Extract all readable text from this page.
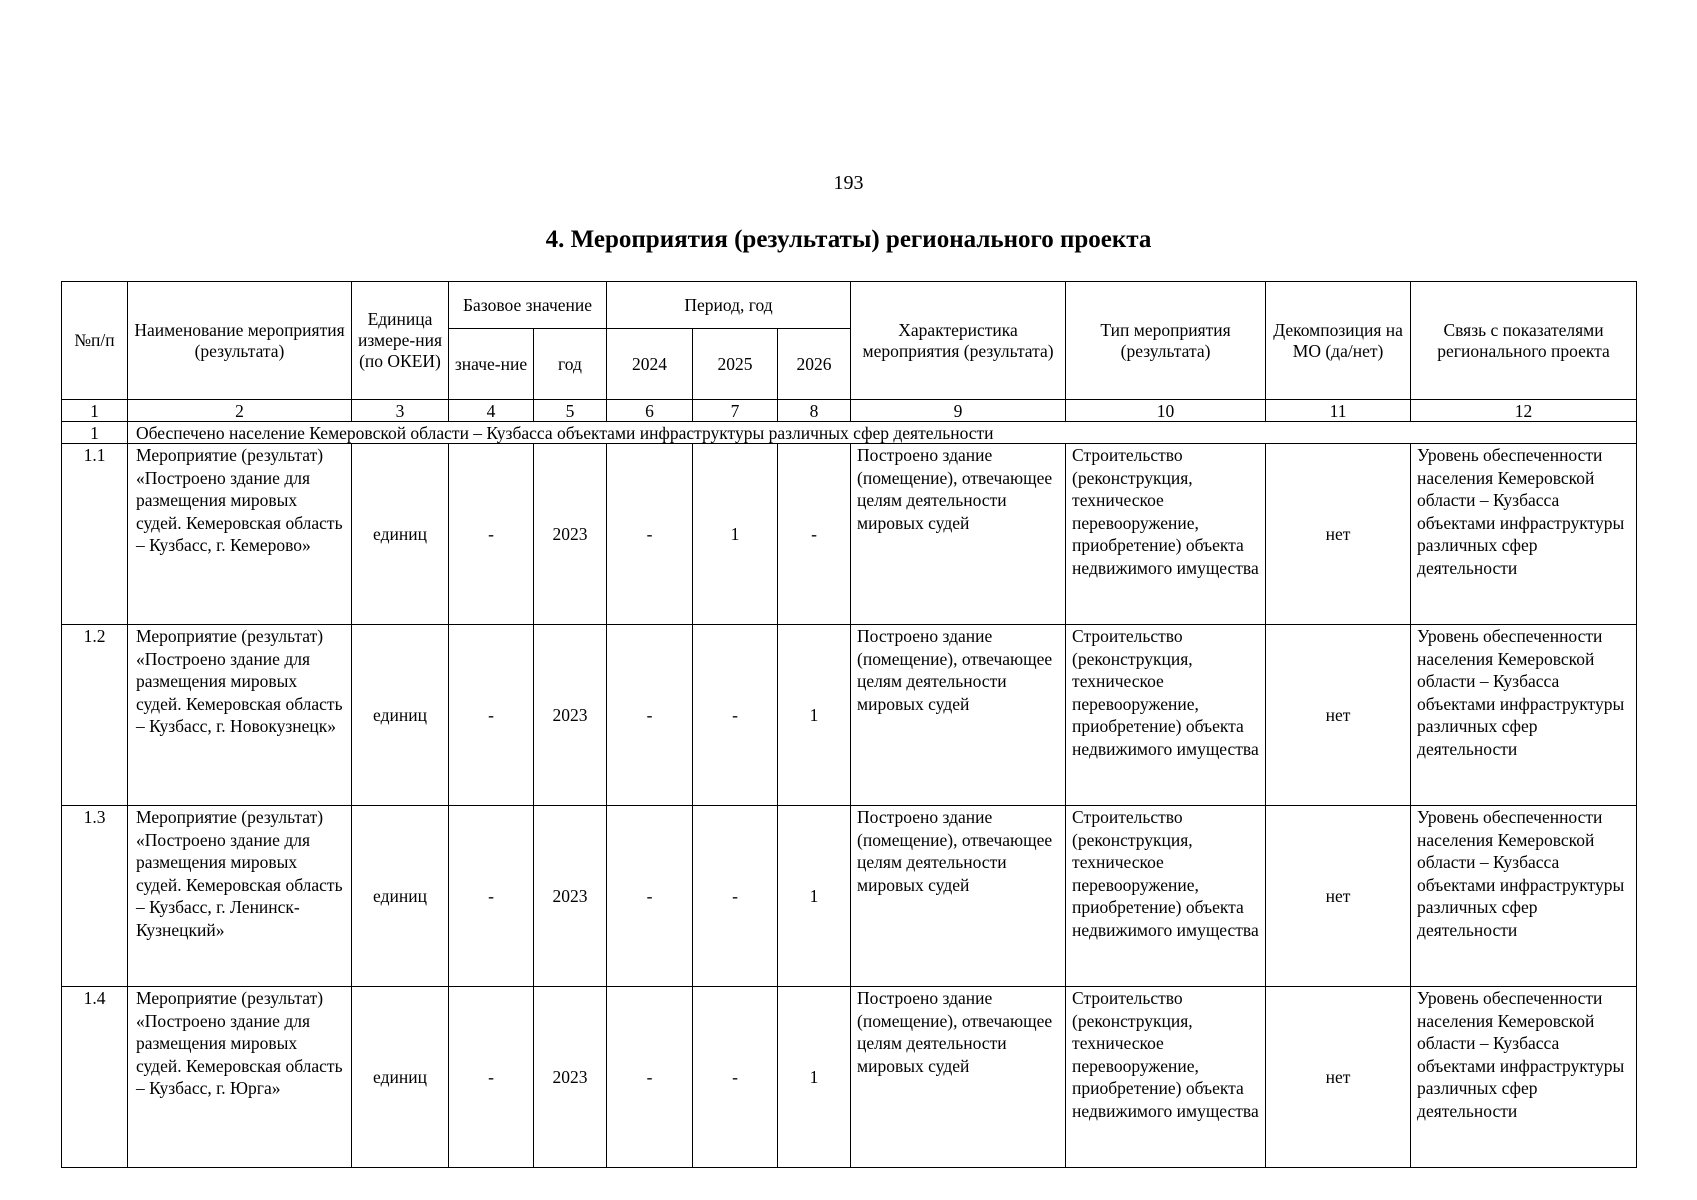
193
4. Мероприятия (результаты) регионального проекта
№п/п	Наименование мероприятия (результата)	Единица измере-ния (по ОКЕИ)	Базовое значение		Период, год			Характеристика мероприятия (результата)	Тип мероприятия (результата)	Декомпозиция на МО (да/нет)	Связь с показателями регионального проекта
			значе-ние	год	2024	2025	2026				
1	2	3	4	5	6	7	8	9	10	11	12
1	Обеспечено население Кемеровской области – Кузбасса объектами инфраструктуры различных сфер деятельности										
1.1	Мероприятие (результат) «Построено здание для размещения мировых судей. Кемеровская область – Кузбасс, г. Кемерово»	единиц	-	2023	-	1	-	Построено здание (помещение), отвечающее целям деятельности мировых судей	Строительство (реконструкция, техническое перевооружение, приобретение) объекта недвижимого имущества	нет	Уровень обеспеченности населения Кемеровской области – Кузбасса объектами инфраструктуры различных сфер деятельности
1.2	Мероприятие (результат) «Построено здание для размещения мировых судей. Кемеровская область – Кузбасс, г. Новокузнецк»	единиц	-	2023	-	-	1	Построено здание (помещение), отвечающее целям деятельности мировых судей	Строительство (реконструкция, техническое перевооружение, приобретение) объекта недвижимого имущества	нет	Уровень обеспеченности населения Кемеровской области – Кузбасса объектами инфраструктуры различных сфер деятельности
1.3	Мероприятие (результат) «Построено здание для размещения мировых судей. Кемеровская область – Кузбасс, г. Ленинск-Кузнецкий»	единиц	-	2023	-	-	1	Построено здание (помещение), отвечающее целям деятельности мировых судей	Строительство (реконструкция, техническое перевооружение, приобретение) объекта недвижимого имущества	нет	Уровень обеспеченности населения Кемеровской области – Кузбасса объектами инфраструктуры различных сфер деятельности
1.4	Мероприятие (результат) «Построено здание для размещения мировых судей. Кемеровская область – Кузбасс, г. Юрга»	единиц	-	2023	-	-	1	Построено здание (помещение), отвечающее целям деятельности мировых судей	Строительство (реконструкция, техническое перевооружение, приобретение) объекта недвижимого имущества	нет	Уровень обеспеченности населения Кемеровской области – Кузбасса объектами инфраструктуры различных сфер деятельности
